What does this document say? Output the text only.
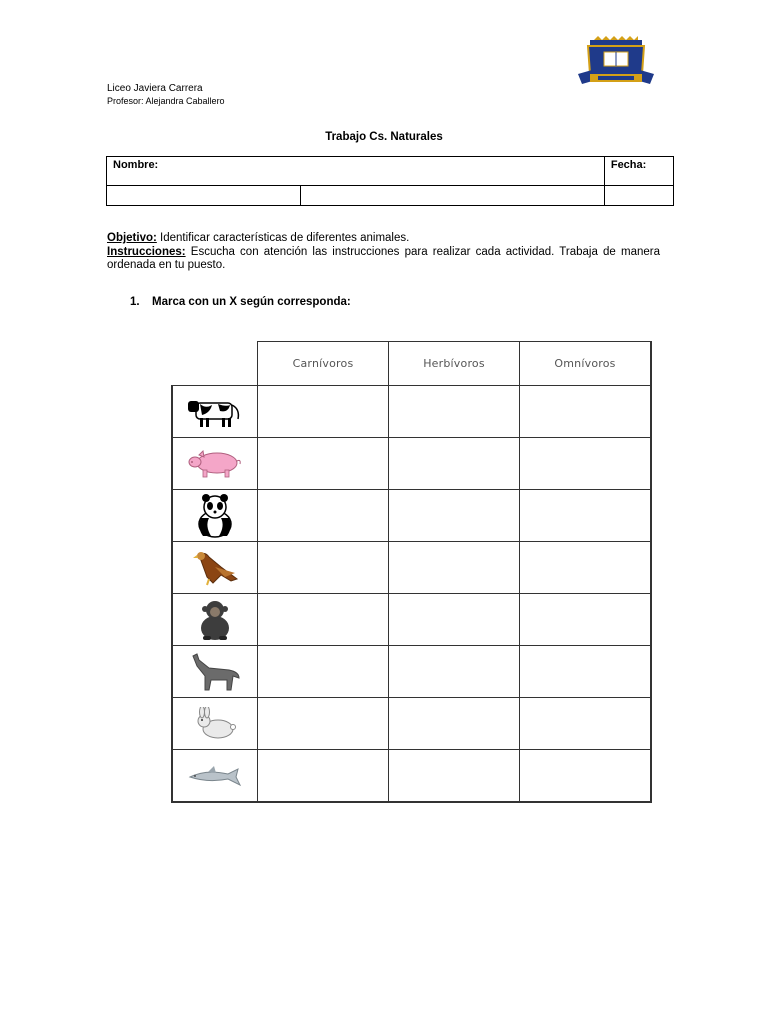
Liceo Javiera Carrera
Profesor: Alejandra Caballero
Trabajo Cs. Naturales
Nombre:		Fecha:

Objetivo: Identificar características de diferentes animales.
Instrucciones: Escucha con atención las instrucciones para realizar cada actividad. Trabaja de manera ordenada en tu puesto.
1. Marca con un X según corresponda:
	Carnívoros	Herbívoros	Omnívoros
